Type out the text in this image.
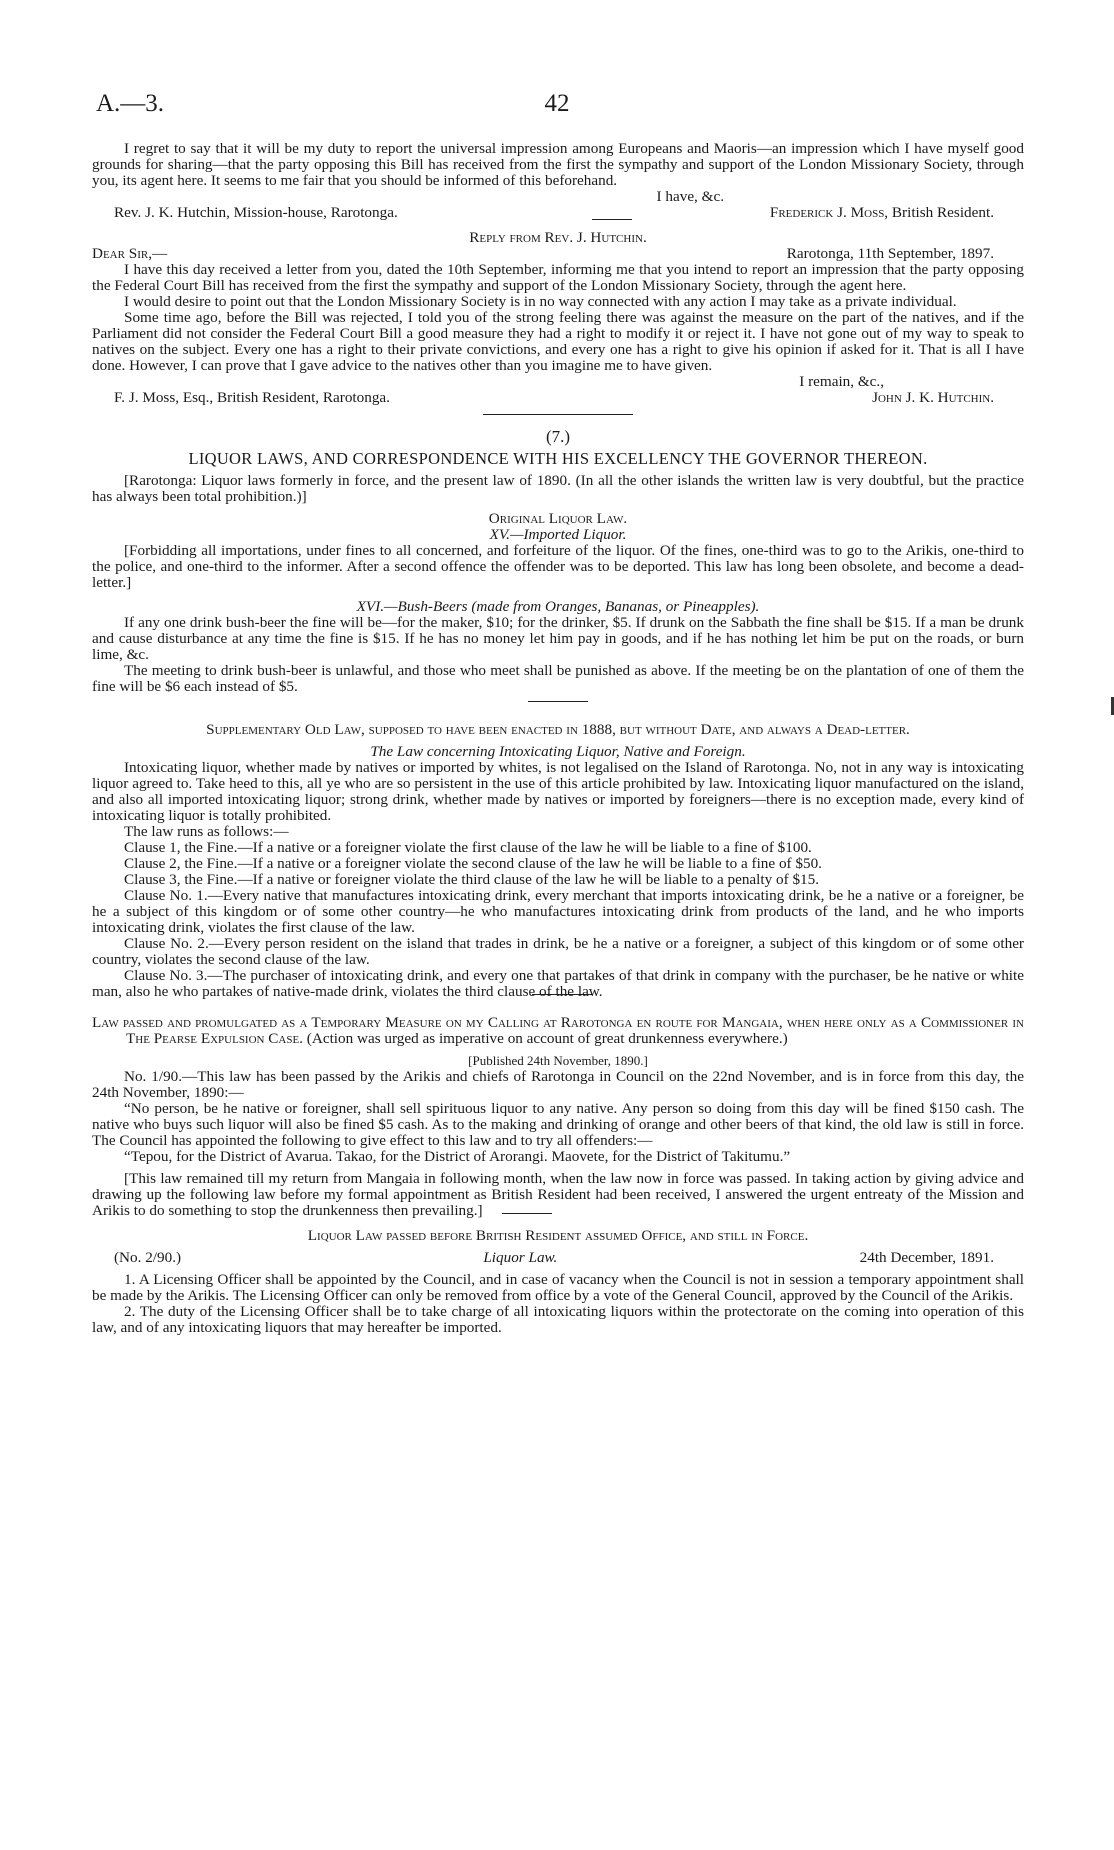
A.—3.	42

I regret to say that it will be my duty to report the universal impression among Europeans and Maoris—an impression which I have myself good grounds for sharing—that the party opposing this Bill has received from the first the sympathy and support of the London Missionary Society, through you, its agent here. It seems to me fair that you should be informed of this beforehand.

I have, &c.
Rev. J. K. Hutchin, Mission-house, Rarotonga.	Frederick J. Moss, British Resident.

Reply from Rev. J. Hutchin.

Dear Sir,—	Rarotonga, 11th September, 1897.

I have this day received a letter from you, dated the 10th September, informing me that you intend to report an impression that the party opposing the Federal Court Bill has received from the first the sympathy and support of the London Missionary Society, through the agent here.

I would desire to point out that the London Missionary Society is in no way connected with any action I may take as a private individual.

Some time ago, before the Bill was rejected, I told you of the strong feeling there was against the measure on the part of the natives, and if the Parliament did not consider the Federal Court Bill a good measure they had a right to modify it or reject it. I have not gone out of my way to speak to natives on the subject. Every one has a right to their private convictions, and every one has a right to give his opinion if asked for it. That is all I have done. However, I can prove that I gave advice to the natives other than you imagine me to have given.

I remain, &c.,
F. J. Moss, Esq., British Resident, Rarotonga.	John J. K. Hutchin.

(7.)

LIQUOR LAWS, AND CORRESPONDENCE WITH HIS EXCELLENCY THE GOVERNOR THEREON.

[Rarotonga: Liquor laws formerly in force, and the present law of 1890. (In all the other islands the written law is very doubtful, but the practice has always been total prohibition.)]

Original Liquor Law.

XV.—Imported Liquor.

[Forbidding all importations, under fines to all concerned, and forfeiture of the liquor. Of the fines, one-third was to go to the Arikis, one-third to the police, and one-third to the informer. After a second offence the offender was to be deported. This law has long been obsolete, and become a dead-letter.]

XVI.—Bush-Beers (made from Oranges, Bananas, or Pineapples).

If any one drink bush-beer the fine will be—for the maker, $10; for the drinker, $5. If drunk on the Sabbath the fine shall be $15. If a man be drunk and cause disturbance at any time the fine is $15. If he has no money let him pay in goods, and if he has nothing let him be put on the roads, or burn lime, &c.

The meeting to drink bush-beer is unlawful, and those who meet shall be punished as above. If the meeting be on the plantation of one of them the fine will be $6 each instead of $5.

Supplementary Old Law, supposed to have been enacted in 1888, but without Date, and always a Dead-letter.

The Law concerning Intoxicating Liquor, Native and Foreign.

Intoxicating liquor, whether made by natives or imported by whites, is not legalised on the Island of Rarotonga. No, not in any way is intoxicating liquor agreed to. Take heed to this, all ye who are so persistent in the use of this article prohibited by law. Intoxicating liquor manufactured on the island, and also all imported intoxicating liquor; strong drink, whether made by natives or imported by foreigners—there is no exception made, every kind of intoxicating liquor is totally prohibited.

The law runs as follows:—

Clause 1, the Fine.—If a native or a foreigner violate the first clause of the law he will be liable to a fine of $100.

Clause 2, the Fine.—If a native or a foreigner violate the second clause of the law he will be liable to a fine of $50.

Clause 3, the Fine.—If a native or foreigner violate the third clause of the law he will be liable to a penalty of $15.

Clause No. 1.—Every native that manufactures intoxicating drink, every merchant that imports intoxicating drink, be he a native or a foreigner, be he a subject of this kingdom or of some other country—he who manufactures intoxicating drink from products of the land, and he who imports intoxicating drink, violates the first clause of the law.

Clause No. 2.—Every person resident on the island that trades in drink, be he a native or a foreigner, a subject of this kingdom or of some other country, violates the second clause of the law.

Clause No. 3.—The purchaser of intoxicating drink, and every one that partakes of that drink in company with the purchaser, be he native or white man, also he who partakes of native-made drink, violates the third clause of the law.

Law passed and promulgated as a Temporary Measure on my Calling at Rarotonga en route for Mangaia, when here only as a Commissioner in The Pearse Expulsion Case. (Action was urged as imperative on account of great drunkenness everywhere.)

[Published 24th November, 1890.]

No. 1/90.—This law has been passed by the Arikis and chiefs of Rarotonga in Council on the 22nd November, and is in force from this day, the 24th November, 1890:—

“No person, be he native or foreigner, shall sell spirituous liquor to any native. Any person so doing from this day will be fined $150 cash. The native who buys such liquor will also be fined $5 cash. As to the making and drinking of orange and other beers of that kind, the old law is still in force. The Council has appointed the following to give effect to this law and to try all offenders:—

“Tepou, for the District of Avarua. Takao, for the District of Arorangi. Maovete, for the District of Takitumu.”

[This law remained till my return from Mangaia in following month, when the law now in force was passed. In taking action by giving advice and drawing up the following law before my formal appointment as British Resident had been received, I answered the urgent entreaty of the Mission and Arikis to do something to stop the drunkenness then prevailing.]

Liquor Law passed before British Resident assumed Office, and still in Force.

(No. 2/90.)	Liquor Law.	24th December, 1891.

1. A Licensing Officer shall be appointed by the Council, and in case of vacancy when the Council is not in session a temporary appointment shall be made by the Arikis. The Licensing Officer can only be removed from office by a vote of the General Council, approved by the Council of the Arikis.

2. The duty of the Licensing Officer shall be to take charge of all intoxicating liquors within the protectorate on the coming into operation of this law, and of any intoxicating liquors that may hereafter be imported.
